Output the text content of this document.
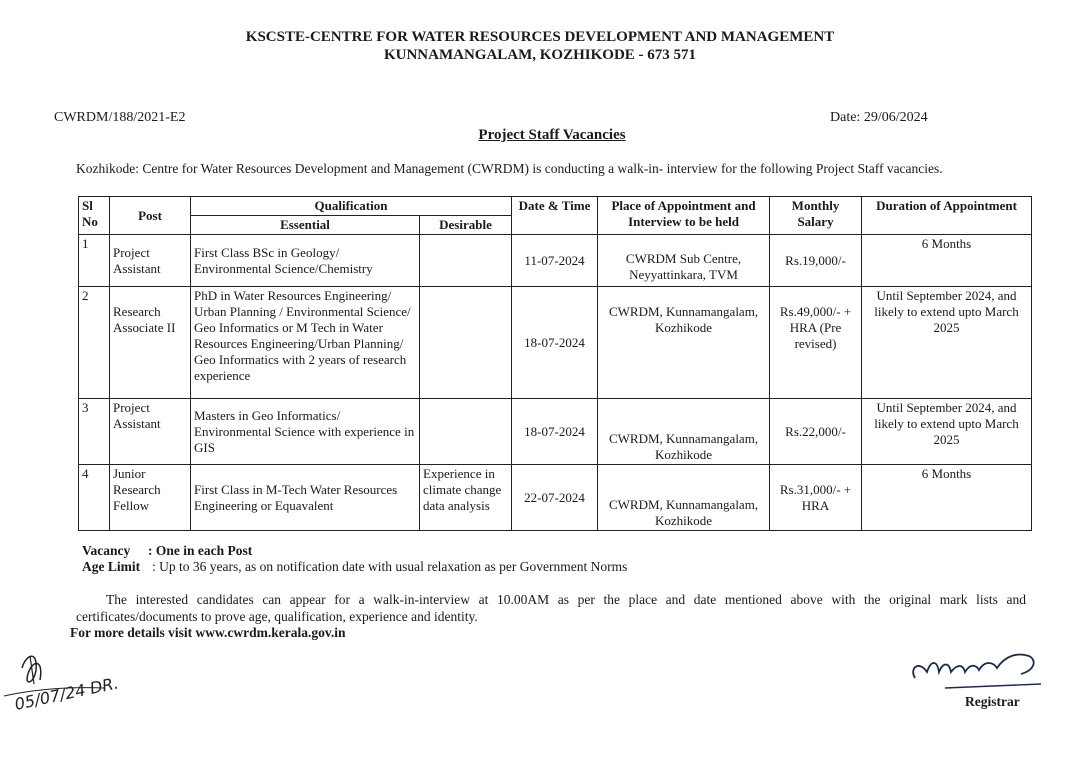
KSCSTE-CENTRE FOR WATER RESOURCES DEVELOPMENT AND MANAGEMENT
KUNNAMANGALAM, KOZHIKODE - 673 571
CWRDM/188/2021-E2	Date: 29/06/2024
Project Staff Vacancies
Kozhikode: Centre for Water Resources Development and Management (CWRDM) is conducting a walk-in- interview for the following Project Staff vacancies.
Sl No	Post	Qualification		Date & Time	Place of Appointment and Interview to be held	Monthly Salary	Duration of Appointment
		Essential	Desirable				
1	Project Assistant	First Class BSc in Geology/ Environmental Science/Chemistry		11-07-2024	CWRDM Sub Centre, Neyyattinkara, TVM	Rs.19,000/-	6 Months
2	Research Associate II	PhD in Water Resources Engineering/ Urban Planning / Environmental Science/ Geo Informatics or M Tech in Water Resources Engineering/Urban Planning/ Geo Informatics with 2 years of research experience		18-07-2024	CWRDM, Kunnamangalam, Kozhikode	Rs.49,000/- + HRA (Pre revised)	Until September 2024, and likely to extend upto March 2025
3	Project Assistant	Masters in Geo Informatics/ Environmental Science with experience in GIS		18-07-2024	CWRDM, Kunnamangalam, Kozhikode	Rs.22,000/-	Until September 2024, and likely to extend upto March 2025
4	Junior Research Fellow	First Class in M-Tech Water Resources Engineering or Equavalent	Experience in climate change data analysis	22-07-2024	CWRDM, Kunnamangalam, Kozhikode	Rs.31,000/- + HRA	6 Months
Vacancy : One in each Post
Age Limit : Up to 36 years, as on notification date with usual relaxation as per Government Norms
The interested candidates can appear for a walk-in-interview at 10.00AM as per the place and date mentioned above with the original mark lists and certificates/documents to prove age, qualification, experience and identity.
For more details visit www.cwrdm.kerala.gov.in
05/07/24 DR.	Registrar
